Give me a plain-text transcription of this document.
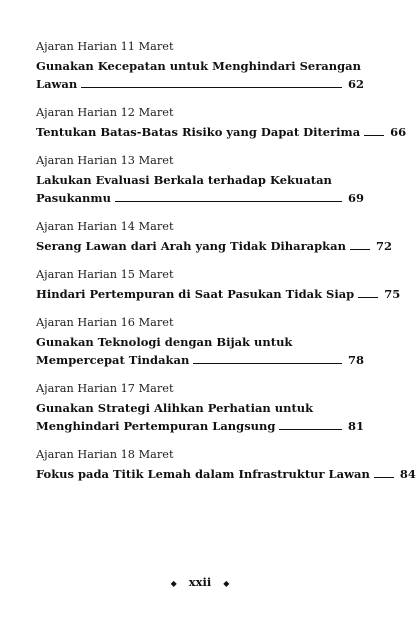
Ajaran Harian 11 Maret
Gunakan Kecepatan untuk Menghindari Serangan
Lawan	62
Ajaran Harian 12 Maret
Tentukan Batas-Batas Risiko yang Dapat Diterima	66
Ajaran Harian 13 Maret
Lakukan Evaluasi Berkala terhadap Kekuatan
Pasukanmu	69
Ajaran Harian 14 Maret
Serang Lawan dari Arah yang Tidak Diharapkan	72
Ajaran Harian 15 Maret
Hindari Pertempuran di Saat Pasukan Tidak Siap	75
Ajaran Harian 16 Maret
Gunakan Teknologi dengan Bijak untuk
Mempercepat Tindakan	78
Ajaran Harian 17 Maret
Gunakan Strategi Alihkan Perhatian untuk
Menghindari Pertempuran Langsung	81
Ajaran Harian 18 Maret
Fokus pada Titik Lemah dalam Infrastruktur Lawan	84
◆ xxii ◆
